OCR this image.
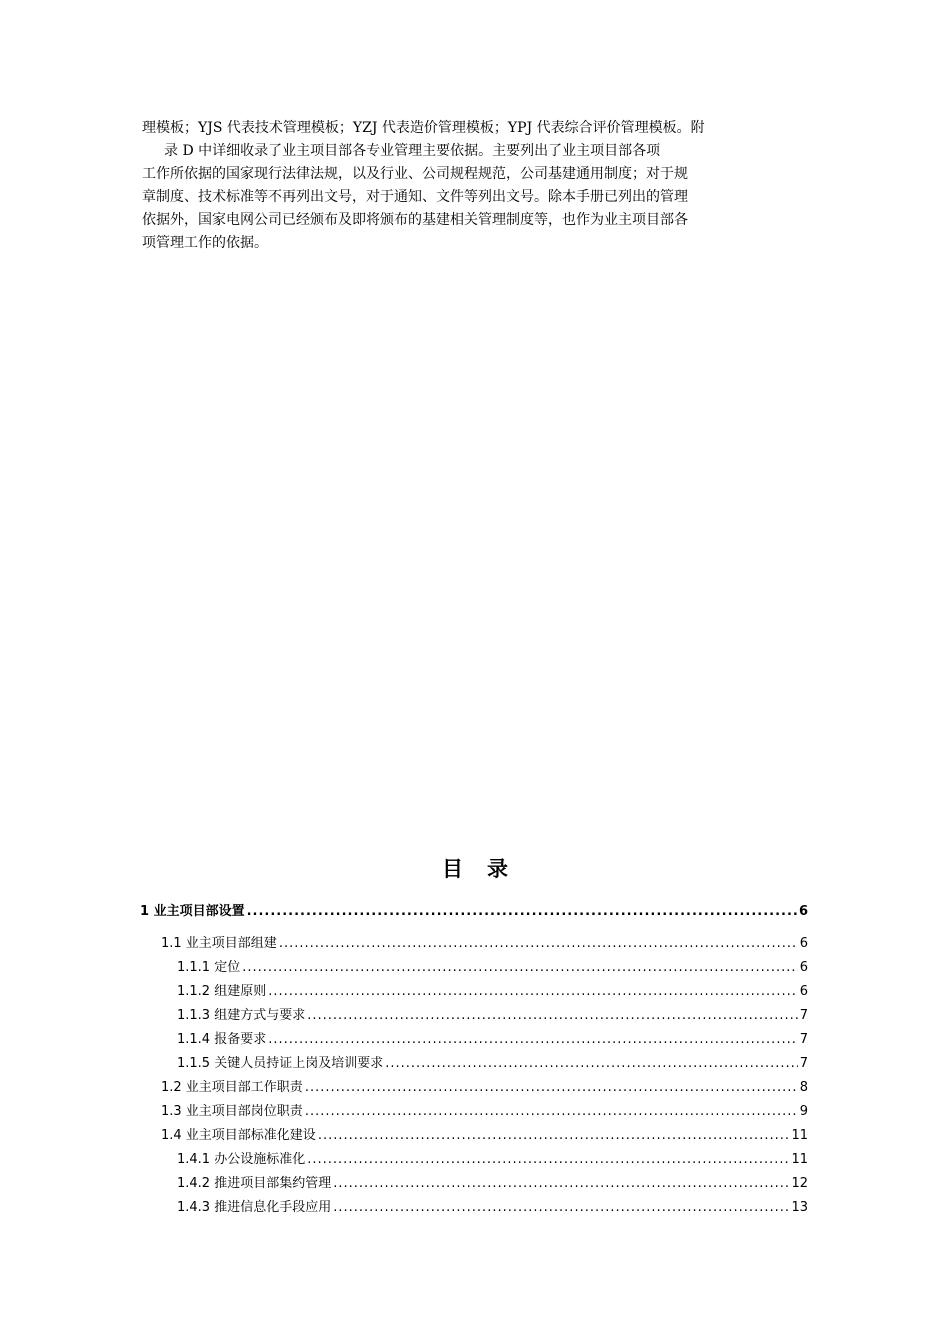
理模板；YJS 代表技术管理模板；YZJ 代表造价管理模板；YPJ 代表综合评价管理模板。附
录 D 中详细收录了业主项目部各专业管理主要依据。主要列出了业主项目部各项
工作所依据的国家现行法律法规，以及行业、公司规程规范，公司基建通用制度；对于规
章制度、技术标准等不再列出文号，对于通知、文件等列出文号。除本手册已列出的管理
依据外，国家电网公司已经颁布及即将颁布的基建相关管理制度等，也作为业主项目部各
项管理工作的依据。
目录
1 业主项目部设置 .....	6
1.1 业主项目部组建 .....	6
1.1.1 定位 .....	6
1.1.2 组建原则 .....	6
1.1.3 组建方式与要求 .....	7
1.1.4 报备要求 .....	7
1.1.5 关键人员持证上岗及培训要求 .....	7
1.2 业主项目部工作职责 .....	8
1.3 业主项目部岗位职责 .....	9
1.4 业主项目部标准化建设 .....	11
1.4.1 办公设施标准化 .....	11
1.4.2 推进项目部集约管理 .....	12
1.4.3 推进信息化手段应用 .....	13
